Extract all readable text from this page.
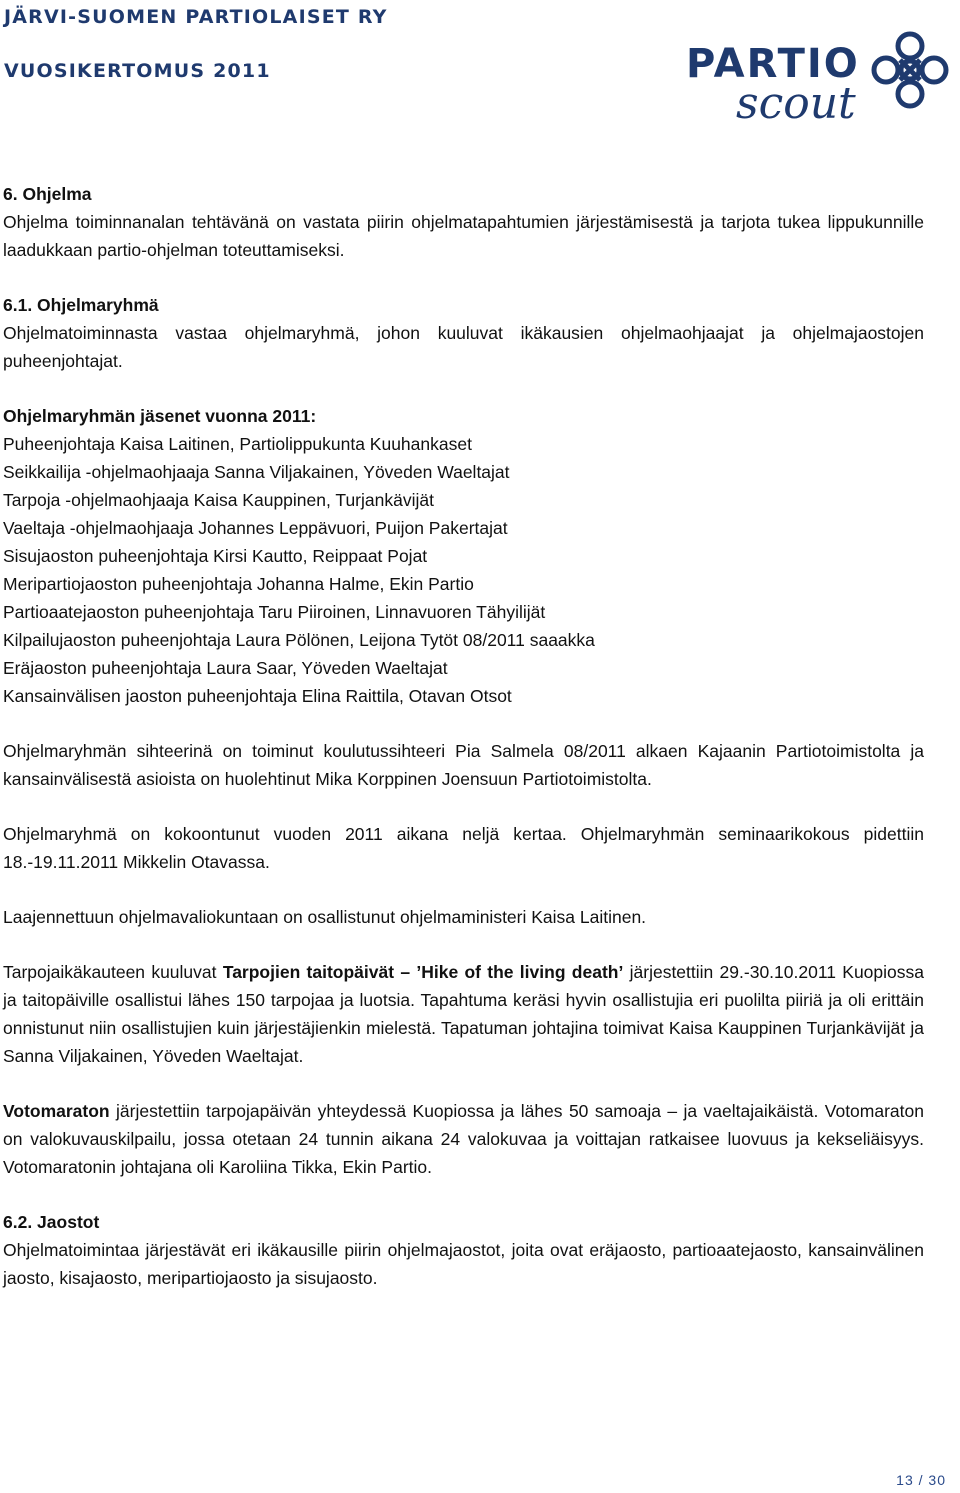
JÄRVI-SUOMEN PARTIOLAISET RY
VUOSIKERTOMUS 2011	PARTIO
scout

6. Ohjelma

Ohjelma toiminnanalan tehtävänä on vastata piirin ohjelmatapahtumien järjestämisestä ja tarjota tukea lippukunnille laadukkaan partio-ohjelman toteuttamiseksi.

6.1. Ohjelmaryhmä

Ohjelmatoiminnasta vastaa ohjelmaryhmä, johon kuuluvat ikäkausien ohjelmaohjaajat ja ohjelmajaostojen puheenjohtajat.

Ohjelmaryhmän jäsenet vuonna 2011:

Puheenjohtaja Kaisa Laitinen, Partiolippukunta Kuuhankaset

Seikkailija -ohjelmaohjaaja Sanna Viljakainen, Yöveden Waeltajat

Tarpoja -ohjelmaohjaaja Kaisa Kauppinen, Turjankävijät

Vaeltaja -ohjelmaohjaaja Johannes Leppävuori, Puijon Pakertajat

Sisujaoston puheenjohtaja Kirsi Kautto, Reippaat Pojat

Meripartiojaoston puheenjohtaja Johanna Halme, Ekin Partio

Partioaatejaoston puheenjohtaja Taru Piiroinen, Linnavuoren Tähyilijät

Kilpailujaoston puheenjohtaja Laura Pölönen, Leijona Tytöt 08/2011 saaakka

Eräjaoston puheenjohtaja Laura Saar, Yöveden Waeltajat

Kansainvälisen jaoston puheenjohtaja Elina Raittila, Otavan Otsot

Ohjelmaryhmän sihteerinä on toiminut koulutussihteeri Pia Salmela 08/2011 alkaen Kajaanin Partiotoimistolta ja kansainvälisestä asioista on huolehtinut Mika Korppinen Joensuun Partiotoimistolta.

Ohjelmaryhmä on kokoontunut vuoden 2011 aikana neljä kertaa. Ohjelmaryhmän seminaarikokous pidettiin 18.-19.11.2011 Mikkelin Otavassa.

Laajennettuun ohjelmavaliokuntaan on osallistunut ohjelmaministeri Kaisa Laitinen.

Tarpojaikäkauteen kuuluvat Tarpojien taitopäivät – ’Hike of the living death’ järjestettiin 29.-30.10.2011 Kuopiossa ja taitopäiville osallistui lähes 150 tarpojaa ja luotsia. Tapahtuma keräsi hyvin osallistujia eri puolilta piiriä ja oli erittäin onnistunut niin osallistujien kuin järjestäjienkin mielestä. Tapatuman johtajina toimivat Kaisa Kauppinen Turjankävijät ja Sanna Viljakainen, Yöveden Waeltajat.

Votomaraton järjestettiin tarpojapäivän yhteydessä Kuopiossa ja lähes 50 samoaja – ja vaeltajaikäistä. Votomaraton on valokuvauskilpailu, jossa otetaan 24 tunnin aikana 24 valokuvaa ja voittajan ratkaisee luovuus ja kekseliäisyys. Votomaratonin johtajana oli Karoliina Tikka, Ekin Partio.

6.2. Jaostot

Ohjelmatoimintaa järjestävät eri ikäkausille piirin ohjelmajaostot, joita ovat eräjaosto, partioaatejaosto, kansainvälinen jaosto, kisajaosto, meripartiojaosto ja sisujaosto.

13 / 30
